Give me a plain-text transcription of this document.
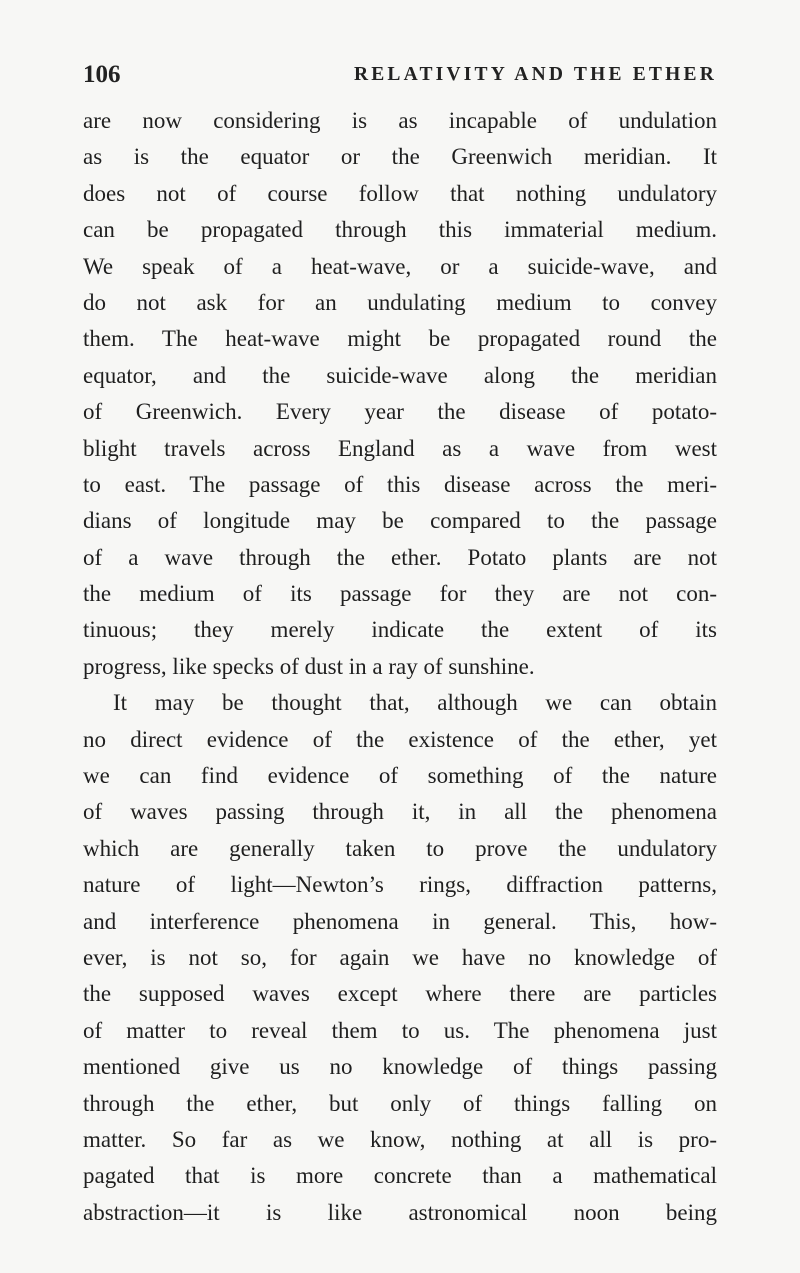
106	RELATIVITY AND THE ETHER
are now considering is as incapable of undulation
as is the equator or the Greenwich meridian. It
does not of course follow that nothing undulatory
can be propagated through this immaterial medium.
We speak of a heat-wave, or a suicide-wave, and
do not ask for an undulating medium to convey
them. The heat-wave might be propagated round the
equator, and the suicide-wave along the meridian
of Greenwich. Every year the disease of potato-
blight travels across England as a wave from west
to east. The passage of this disease across the meri-
dians of longitude may be compared to the passage
of a wave through the ether. Potato plants are not
the medium of its passage for they are not con-
tinuous; they merely indicate the extent of its
progress, like specks of dust in a ray of sunshine.
It may be thought that, although we can obtain
no direct evidence of the existence of the ether, yet
we can find evidence of something of the nature
of waves passing through it, in all the phenomena
which are generally taken to prove the undulatory
nature of light—Newton’s rings, diffraction patterns,
and interference phenomena in general. This, how-
ever, is not so, for again we have no knowledge of
the supposed waves except where there are particles
of matter to reveal them to us. The phenomena just
mentioned give us no knowledge of things passing
through the ether, but only of things falling on
matter. So far as we know, nothing at all is pro-
pagated that is more concrete than a mathematical
abstraction—it is like astronomical noon being
